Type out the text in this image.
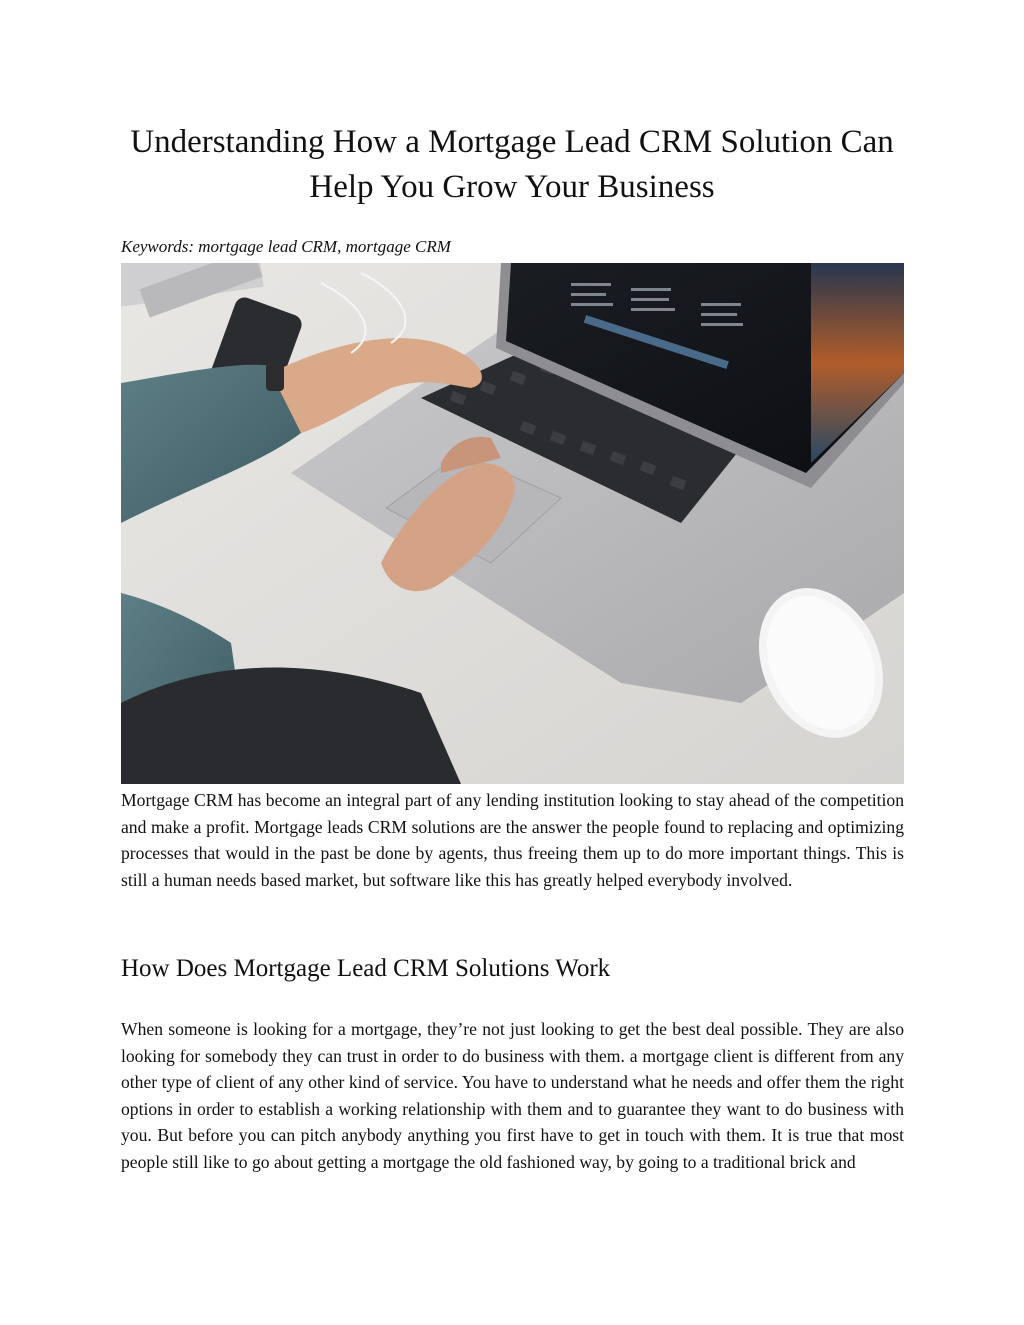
Understanding How a Mortgage Lead CRM Solution Can Help You Grow Your Business

Keywords: mortgage lead CRM, mortgage CRM

Mortgage CRM has become an integral part of any lending institution looking to stay ahead of the competition and make a profit. Mortgage leads CRM solutions are the answer the people found to replacing and optimizing processes that would in the past be done by agents, thus freeing them up to do more important things. This is still a human needs based market, but software like this has greatly helped everybody involved.

How Does Mortgage Lead CRM Solutions Work

When someone is looking for a mortgage, they’re not just looking to get the best deal possible. They are also looking for somebody they can trust in order to do business with them. a mortgage client is different from any other type of client of any other kind of service. You have to understand what he needs and offer them the right options in order to establish a working relationship with them and to guarantee they want to do business with you. But before you can pitch anybody anything you first have to get in touch with them. It is true that most people still like to go about getting a mortgage the old fashioned way, by going to a traditional brick and
